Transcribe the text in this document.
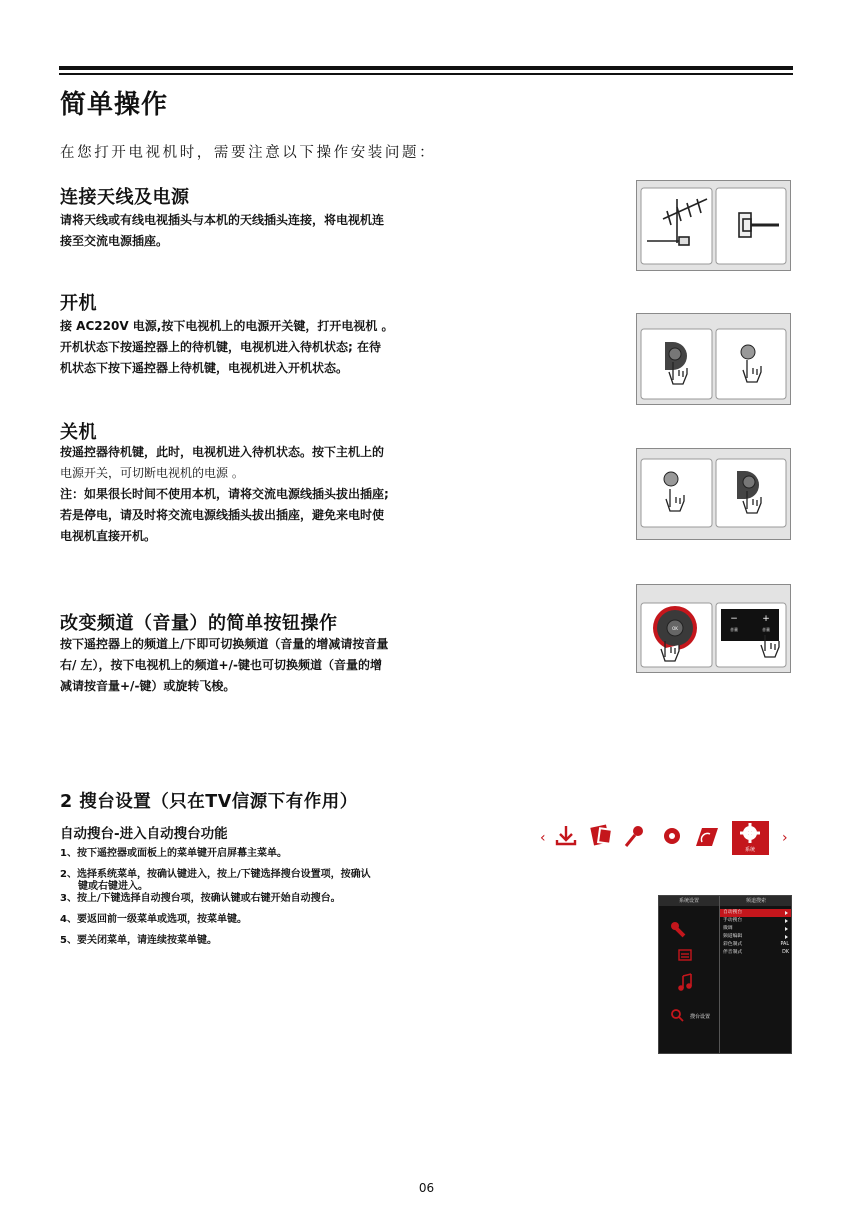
简单操作
在您打开电视机时，需要注意以下操作安装问题：
连接天线及电源

请将天线或有线电视插头与本机的天线插头连接，将电视机连

接至交流电源插座。

开机

接 AC220V 电源,按下电视机上的电源开关键，打开电视机 。

开机状态下按遥控器上的待机键，电视机进入待机状态; 在待

机状态下按下遥控器上待机键，电视机进入开机状态。

关机

按遥控器待机键，此时，电视机进入待机状态。按下主机上的

电源开关，可切断电视机的电源 。

注：如果很长时间不使用本机，请将交流电源线插头拔出插座;

若是停电，请及时将交流电源线插头拔出插座，避免来电时使

电视机直接开机。

改变频道（音量）的简单按钮操作

按下遥控器上的频道上/下即可切换频道（音量的增减请按音量

右/ 左），按下电视机上的频道+/-键也可切换频道（音量的增

减请按音量+/-键）或旋转飞梭。

2 搜台设置（只在TV信源下有作用）
自动搜台-进入自动搜台功能
1、按下遥控器或面板上的菜单键开启屏幕主菜单。
2、选择系统菜单，按确认键进入，按上/下键选择搜台设置项，按确认
键或右键进入。
3、按上/下键选择自动搜台项，按确认键或右键开始自动搜台。
4、要返回前一级菜单或选项，按菜单键。
5、要关闭菜单，请连续按菜单键。
OK
−	+
音量	音量
‹
系统
›
系统设置	频道搜索
搜台设置
自动搜台
手动搜台
微调
频道编辑
彩色制式	PAL
伴音制式	DK
06
